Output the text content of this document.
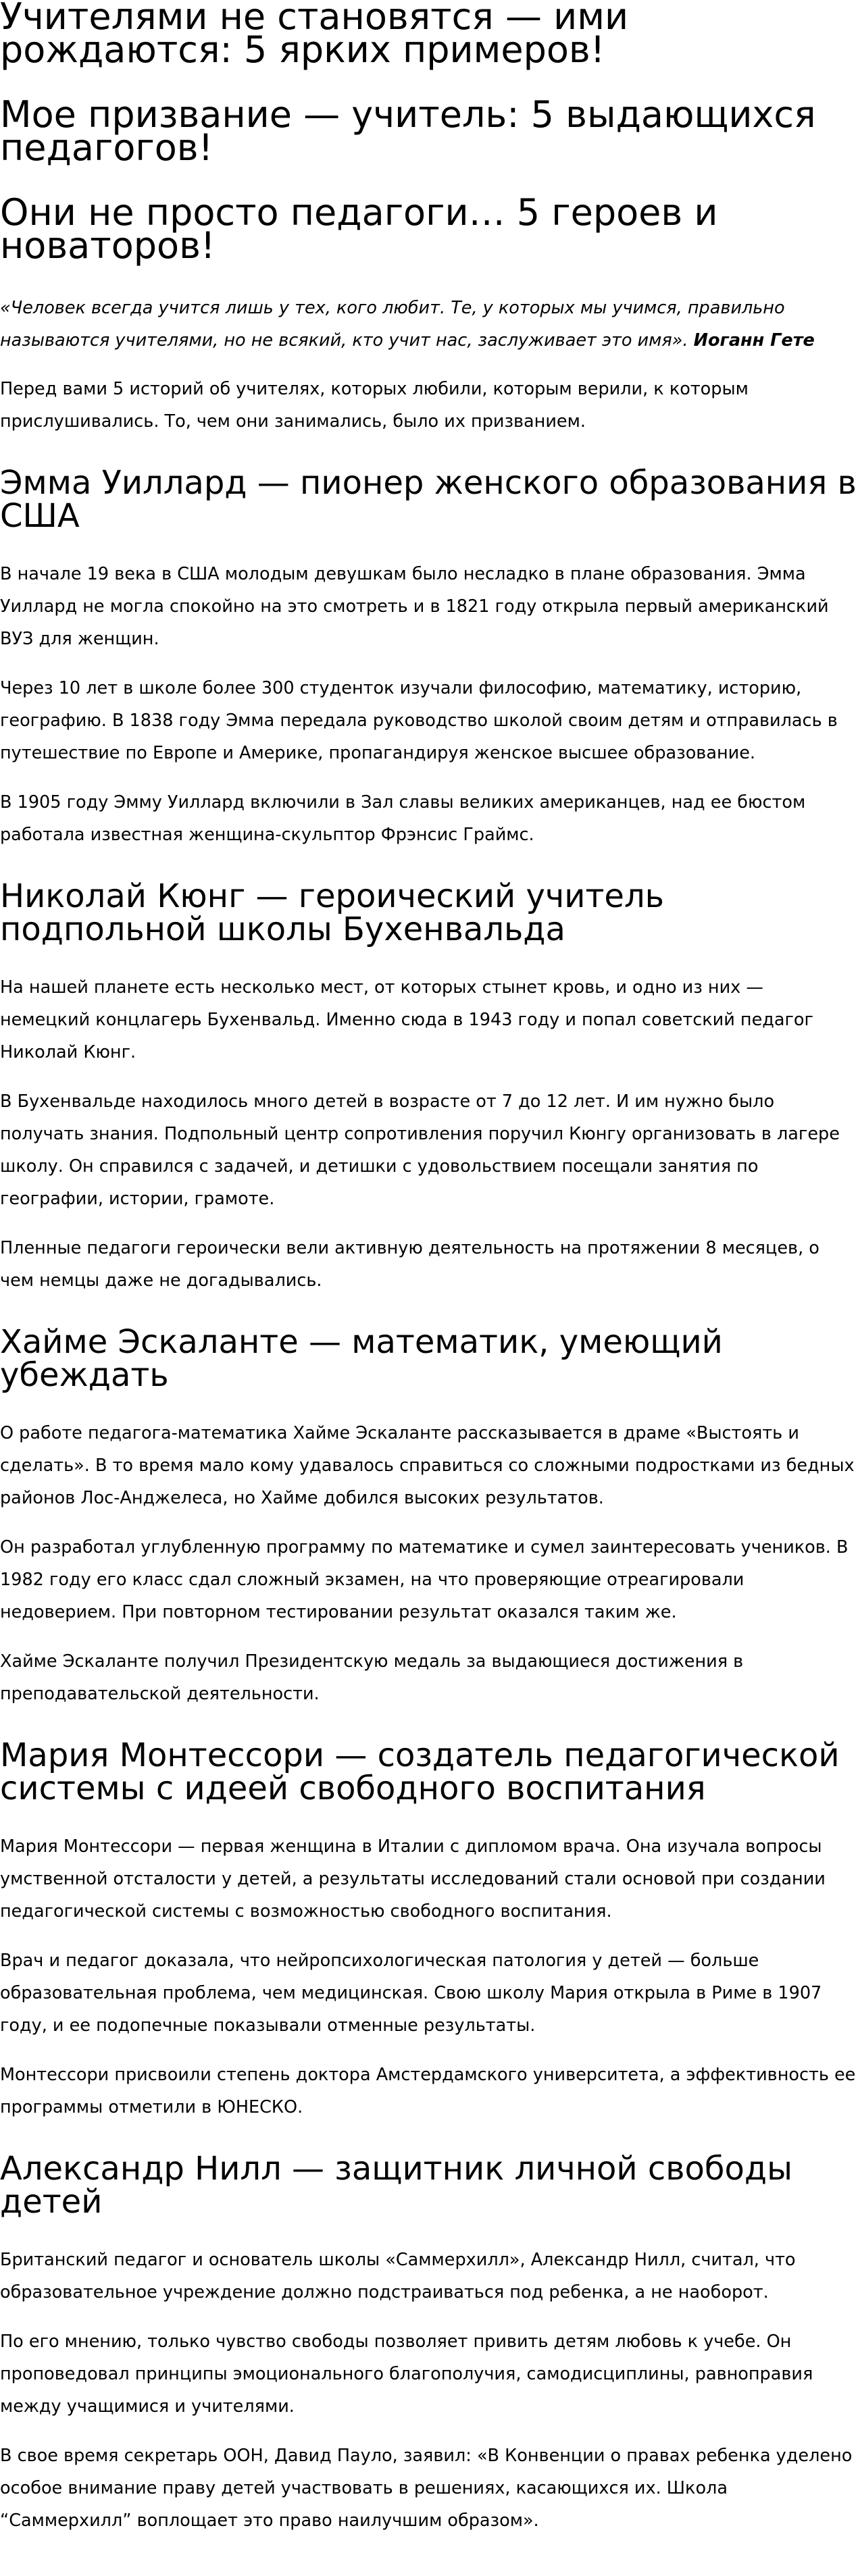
Учителями не становятся — ими рождаются: 5 ярких примеров!
Мое призвание — учитель: 5 выдающихся педагогов!
Они не просто педагоги… 5 героев и новаторов!

«Человек всегда учится лишь у тех, кого любит. Те, у которых мы учимся, правильно называются учителями, но не всякий, кто учит нас, заслуживает это имя». Иоганн Гете

Перед вами 5 историй об учителях, которых любили, которым верили, к которым прислушивались. То, чем они занимались, было их призванием.

Эмма Уиллард — пионер женского образования в США

В начале 19 века в США молодым девушкам было несладко в плане образования. Эмма Уиллард не могла спокойно на это смотреть и в 1821 году открыла первый американский ВУЗ для женщин.

Через 10 лет в школе более 300 студенток изучали философию, математику, историю, географию. В 1838 году Эмма передала руководство школой своим детям и отправилась в путешествие по Европе и Америке, пропагандируя женское высшее образование.

В 1905 году Эмму Уиллард включили в Зал славы великих американцев, над ее бюстом работала известная женщина-скульптор Фрэнсис Граймс.

Николай Кюнг — героический учитель подпольной школы Бухенвальда

На нашей планете есть несколько мест, от которых стынет кровь, и одно из них — немецкий концлагерь Бухенвальд. Именно сюда в 1943 году и попал советский педагог Николай Кюнг.

В Бухенвальде находилось много детей в возрасте от 7 до 12 лет. И им нужно было получать знания. Подпольный центр сопротивления поручил Кюнгу организовать в лагере школу. Он справился с задачей, и детишки с удовольствием посещали занятия по географии, истории, грамоте.

Пленные педагоги героически вели активную деятельность на протяжении 8 месяцев, о чем немцы даже не догадывались.

Хайме Эскаланте — математик, умеющий убеждать

О работе педагога-математика Хайме Эскаланте рассказывается в драме «Выстоять и сделать». В то время мало кому удавалось справиться со сложными подростками из бедных районов Лос-Анджелеса, но Хайме добился высоких результатов.

Он разработал углубленную программу по математике и сумел заинтересовать учеников. В 1982 году его класс сдал сложный экзамен, на что проверяющие отреагировали недоверием. При повторном тестировании результат оказался таким же.

Хайме Эскаланте получил Президентскую медаль за выдающиеся достижения в преподавательской деятельности.

Мария Монтессори — создатель педагогической системы с идеей свободного воспитания

Мария Монтессори — первая женщина в Италии с дипломом врача. Она изучала вопросы умственной отсталости у детей, а результаты исследований стали основой при создании педагогической системы с возможностью свободного воспитания.

Врач и педагог доказала, что нейропсихологическая патология у детей — больше образовательная проблема, чем медицинская. Свою школу Мария открыла в Риме в 1907 году, и ее подопечные показывали отменные результаты.

Монтессори присвоили степень доктора Амстердамского университета, а эффективность ее программы отметили в ЮНЕСКО.

Александр Нилл — защитник личной свободы детей

Британский педагог и основатель школы «Саммерхилл», Александр Нилл, считал, что образовательное учреждение должно подстраиваться под ребенка, а не наоборот.

По его мнению, только чувство свободы позволяет привить детям любовь к учебе. Он проповедовал принципы эмоционального благополучия, самодисциплины, равноправия между учащимися и учителями.

В свое время секретарь ООН, Давид Пауло, заявил: «В Конвенции о правах ребенка уделено особое внимание праву детей участвовать в решениях, касающихся их. Школа “Саммерхилл” воплощает это право наилучшим образом».
